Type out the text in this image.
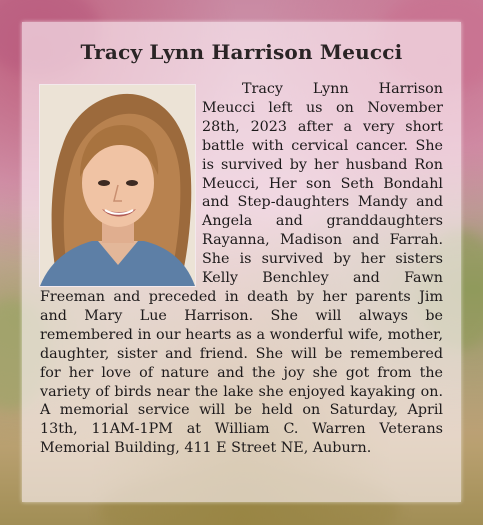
Tracy Lynn Harrison Meucci

Tracy Lynn Harrison Meucci left us on November 28th, 2023 after a very short battle with cervical cancer. She is survived by her husband Ron Meucci, Her son Seth Bondahl and Step-daughters Mandy and Angela and granddaughters Rayanna, Madison and Farrah. She is survived by her sisters Kelly Benchley and Fawn Freeman and preceded in death by her parents Jim and Mary Lue Harrison. She will always be remembered in our hearts as a wonderful wife, mother, daughter, sister and friend. She will be remembered for her love of nature and the joy she got from the variety of birds near the lake she enjoyed kayaking on. A memorial service will be held on Saturday, April 13th, 11AM-1PM at William C. Warren Veterans Memorial Building, 411 E Street NE, Auburn.
